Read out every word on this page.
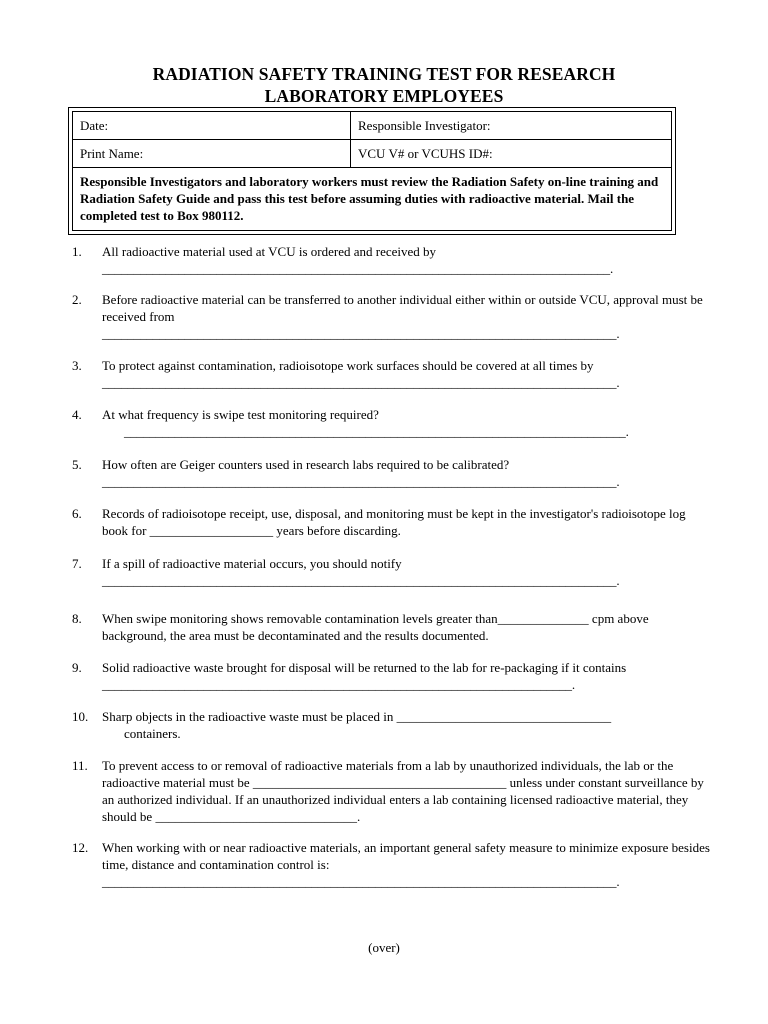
RADIATION SAFETY TRAINING TEST FOR RESEARCH
LABORATORY EMPLOYEES
Date:	Responsible Investigator:
Print Name:	VCU V# or VCUHS ID#:
Responsible Investigators and laboratory workers must review the Radiation Safety on-line training and Radiation Safety Guide and pass this test before assuming duties with radioactive material. Mail the completed test to Box 980112.	
1. All radioactive material used at VCU is ordered and received by
________________________________________________________________________________.
2. Before radioactive material can be transferred to another individual either within or outside VCU, approval must be received from
_________________________________________________________________________________.
3. To protect against contamination, radioisotope work surfaces should be covered at all times by
_________________________________________________________________________________.
4. At what frequency is swipe test monitoring required?
_______________________________________________________________________________.
5. How often are Geiger counters used in research labs required to be calibrated?
_________________________________________________________________________________.
6. Records of radioisotope receipt, use, disposal, and monitoring must be kept in the investigator's radioisotope log book for ___________________ years before discarding.
7. If a spill of radioactive material occurs, you should notify
_________________________________________________________________________________.
8. When swipe monitoring shows removable contamination levels greater than______________ cpm above background, the area must be decontaminated and the results documented.
9. Solid radioactive waste brought for disposal will be returned to the lab for re-packaging if it contains
__________________________________________________________________________.
10. Sharp objects in the radioactive waste must be placed in _________________________________
containers.
11. To prevent access to or removal of radioactive materials from a lab by unauthorized individuals, the lab or the radioactive material must be _______________________________________ unless under constant surveillance by an authorized individual. If an unauthorized individual enters a lab containing licensed radioactive material, they should be _______________________________.
12. When working with or near radioactive materials, an important general safety measure to minimize exposure besides time, distance and contamination control is:
_________________________________________________________________________________.
(over)
